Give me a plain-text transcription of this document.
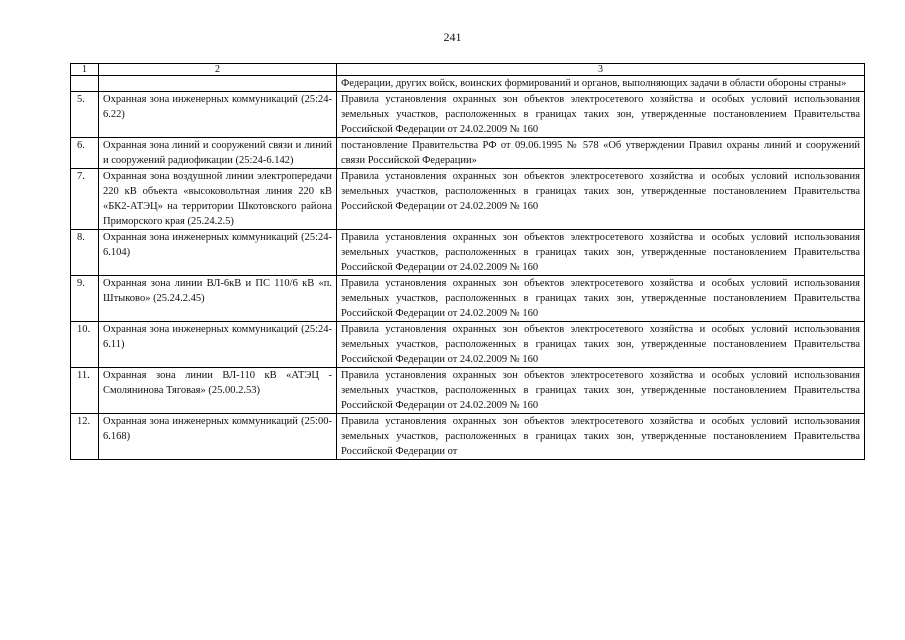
241
1	2	3
		Федерации, других войск, воинских формирований и органов, выполняющих задачи в области обороны страны»
5.	Охранная зона инженерных коммуникаций (25:24-6.22)	Правила установления охранных зон объектов электросетевого хозяйства и особых условий использования земельных участков, расположенных в границах таких зон, утвержденные постановлением Правительства Российской Федерации от 24.02.2009 № 160
6.	Охранная зона линий и сооружений связи и линий и сооружений радиофикации (25:24-6.142)	постановление Правительства РФ от 09.06.1995 № 578 «Об утверждении Правил охраны линий и сооружений связи Российской Федерации»
7.	Охранная зона воздушной линии электропередачи 220 кВ объекта «высоковольтная линия 220 кВ «БК2-АТЭЦ» на территории Шкотовского района Приморского края (25.24.2.5)	Правила установления охранных зон объектов электросетевого хозяйства и особых условий использования земельных участков, расположенных в границах таких зон, утвержденные постановлением Правительства Российской Федерации от 24.02.2009 № 160
8.	Охранная зона инженерных коммуникаций (25:24-6.104)	Правила установления охранных зон объектов электросетевого хозяйства и особых условий использования земельных участков, расположенных в границах таких зон, утвержденные постановлением Правительства Российской Федерации от 24.02.2009 № 160
9.	Охранная зона линии ВЛ-6кВ и ПС 110/6 кВ «п. Штыково» (25.24.2.45)	Правила установления охранных зон объектов электросетевого хозяйства и особых условий использования земельных участков, расположенных в границах таких зон, утвержденные постановлением Правительства Российской Федерации от 24.02.2009 № 160
10.	Охранная зона инженерных коммуникаций (25:24-6.11)	Правила установления охранных зон объектов электросетевого хозяйства и особых условий использования земельных участков, расположенных в границах таких зон, утвержденные постановлением Правительства Российской Федерации от 24.02.2009 № 160
11.	Охранная зона линии ВЛ-110 кВ «АТЭЦ - Смолянинова Тяговая» (25.00.2.53)	Правила установления охранных зон объектов электросетевого хозяйства и особых условий использования земельных участков, расположенных в границах таких зон, утвержденные постановлением Правительства Российской Федерации от 24.02.2009 № 160
12.	Охранная зона инженерных коммуникаций (25:00-6.168)	Правила установления охранных зон объектов электросетевого хозяйства и особых условий использования земельных участков, расположенных в границах таких зон, утвержденные постановлением Правительства Российской Федерации от
